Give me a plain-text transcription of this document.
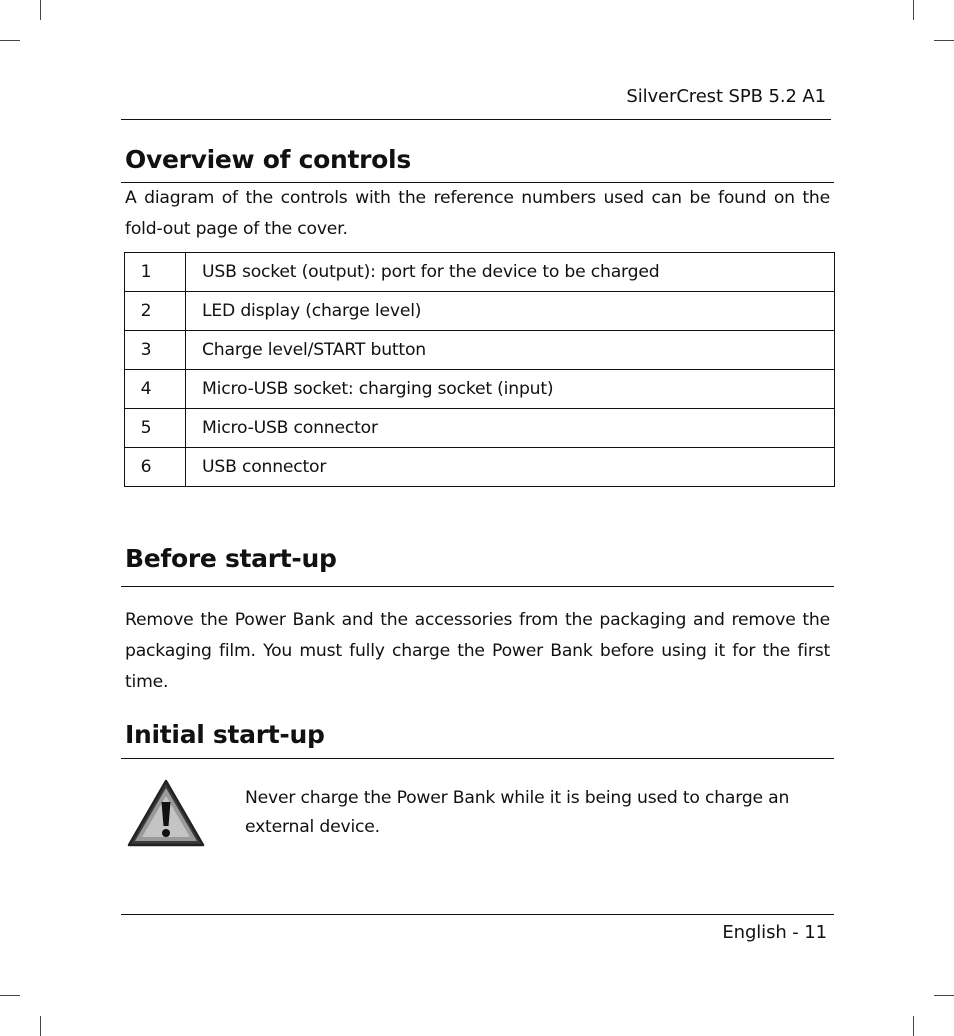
SilverCrest SPB 5.2 A1
Overview of controls

A diagram of the controls with the reference numbers used can be found on the fold-out page of the cover.

1	USB socket (output): port for the device to be charged
2	LED display (charge level)
3	Charge level/START button
4	Micro-USB socket: charging socket (input)
5	Micro-USB connector
6	USB connector
Before start-up

Remove the Power Bank and the accessories from the packaging and remove the packaging film. You must fully charge the Power Bank before using it for the first time.

Initial start-up

Never charge the Power Bank while it is being used to charge an external device.

English - 11
